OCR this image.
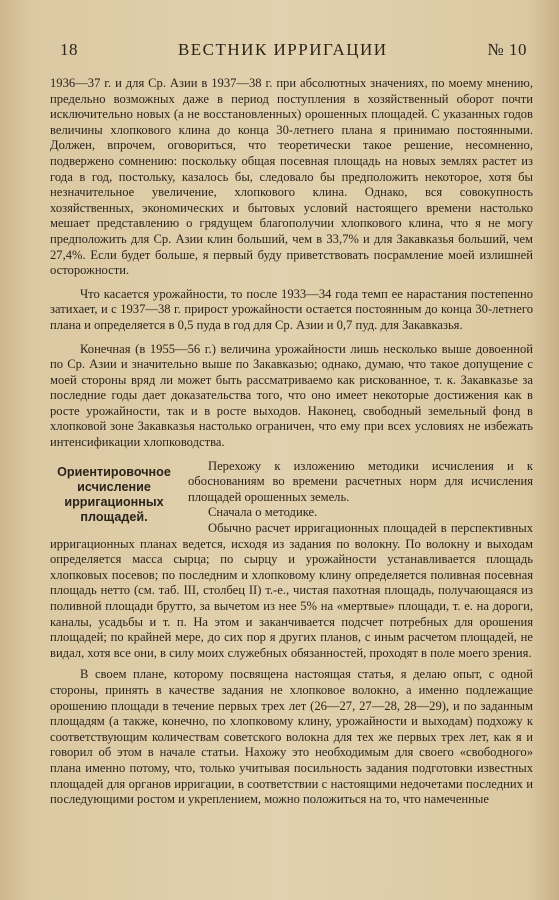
18	ВЕСТНИК ИРРИГАЦИИ	№ 10

1936—37 г. и для Ср. Азии в 1937—38 г. при абсолютных значениях, по моему мнению, предельно возможных даже в период поступления в хозяйственный оборот почти исключительно новых (а не восстановленных) орошенных площадей. С указанных годов величины хлопкового клина до конца 30-летнего плана я принимаю постоянными. Должен, впрочем, оговориться, что теоретически такое решение, несомненно, подвержено сомнению: поскольку общая посевная площадь на новых землях растет из года в год, постольку, казалось бы, следовало бы предположить некоторое, хотя бы незначительное увеличение, хлопкового клина. Однако, вся совокупность хозяйственных, экономических и бытовых условий настоящего времени настолько мешает представлению о грядущем благополучии хлопкового клина, что я не могу предположить для Ср. Азии клин больший, чем в 33,7% и для Закавказья больший, чем 27,4%. Если будет больше, я первый буду приветствовать посрамление моей излишней осторожности.

Что касается урожайности, то после 1933—34 года темп ее нарастания постепенно затихает, и с 1937—38 г. прирост урожайности остается постоянным до конца 30-летнего плана и определяется в 0,5 пуда в год для Ср. Азии и 0,7 пуд. для Закавказья.

Конечная (в 1955—56 г.) величина урожайности лишь несколько выше довоенной по Ср. Азии и значительно выше по Закавказью; однако, думаю, что такое допущение с моей стороны вряд ли может быть рассматриваемо как рискованное, т. к. Закавказье за последние годы дает доказательства того, что оно имеет некоторые достижения как в росте урожайности, так и в росте выходов. Наконец, свободный земельный фонд в хлопковой зоне Закавказья настолько ограничен, что ему при всех условиях не избежать интенсификации хлопководства.

Ориентировочное исчисление ирригационных площадей.

Перехожу к изложению методики исчисления и к обоснованиям во времени расчетных норм для исчисления площадей орошенных земель.

Сначала о методике.

Обычно расчет ирригационных площадей в перспективных ирригационных планах ведется, исходя из задания по волокну. По волокну и выходам определяется масса сырца; по сырцу и урожайности устанавливается площадь хлопковых посевов; по последним и хлопковому клину определяется поливная посевная площадь нетто (см. таб. III, столбец II) т.-е., чистая пахотная площадь, получающаяся из поливной площади брутто, за вычетом из нее 5% на «мертвые» площади, т. е. на дороги, каналы, усадьбы и т. п. На этом и заканчивается подсчет потребных для орошения площадей; по крайней мере, до сих пор я других планов, с иным расчетом площадей, не видал, хотя все они, в силу моих служебных обязанностей, проходят в поле моего зрения.

В своем плане, которому посвящена настоящая статья, я делаю опыт, с одной стороны, принять в качестве задания не хлопковое волокно, а именно подлежащие орошению площади в течение первых трех лет (26—27, 27—28, 28—29), и по заданным площадям (а также, конечно, по хлопковому клину, урожайности и выходам) подхожу к соответствующим количествам советского волокна для тех же первых трех лет, как я и говорил об этом в начале статьи. Нахожу это необходимым для своего «свободного» плана именно потому, что, только учитывая посильность задания подготовки известных площадей для органов ирригации, в соответствии с настоящими недочетами последних и последующими ростом и укреплением, можно положиться на то, что намеченные
